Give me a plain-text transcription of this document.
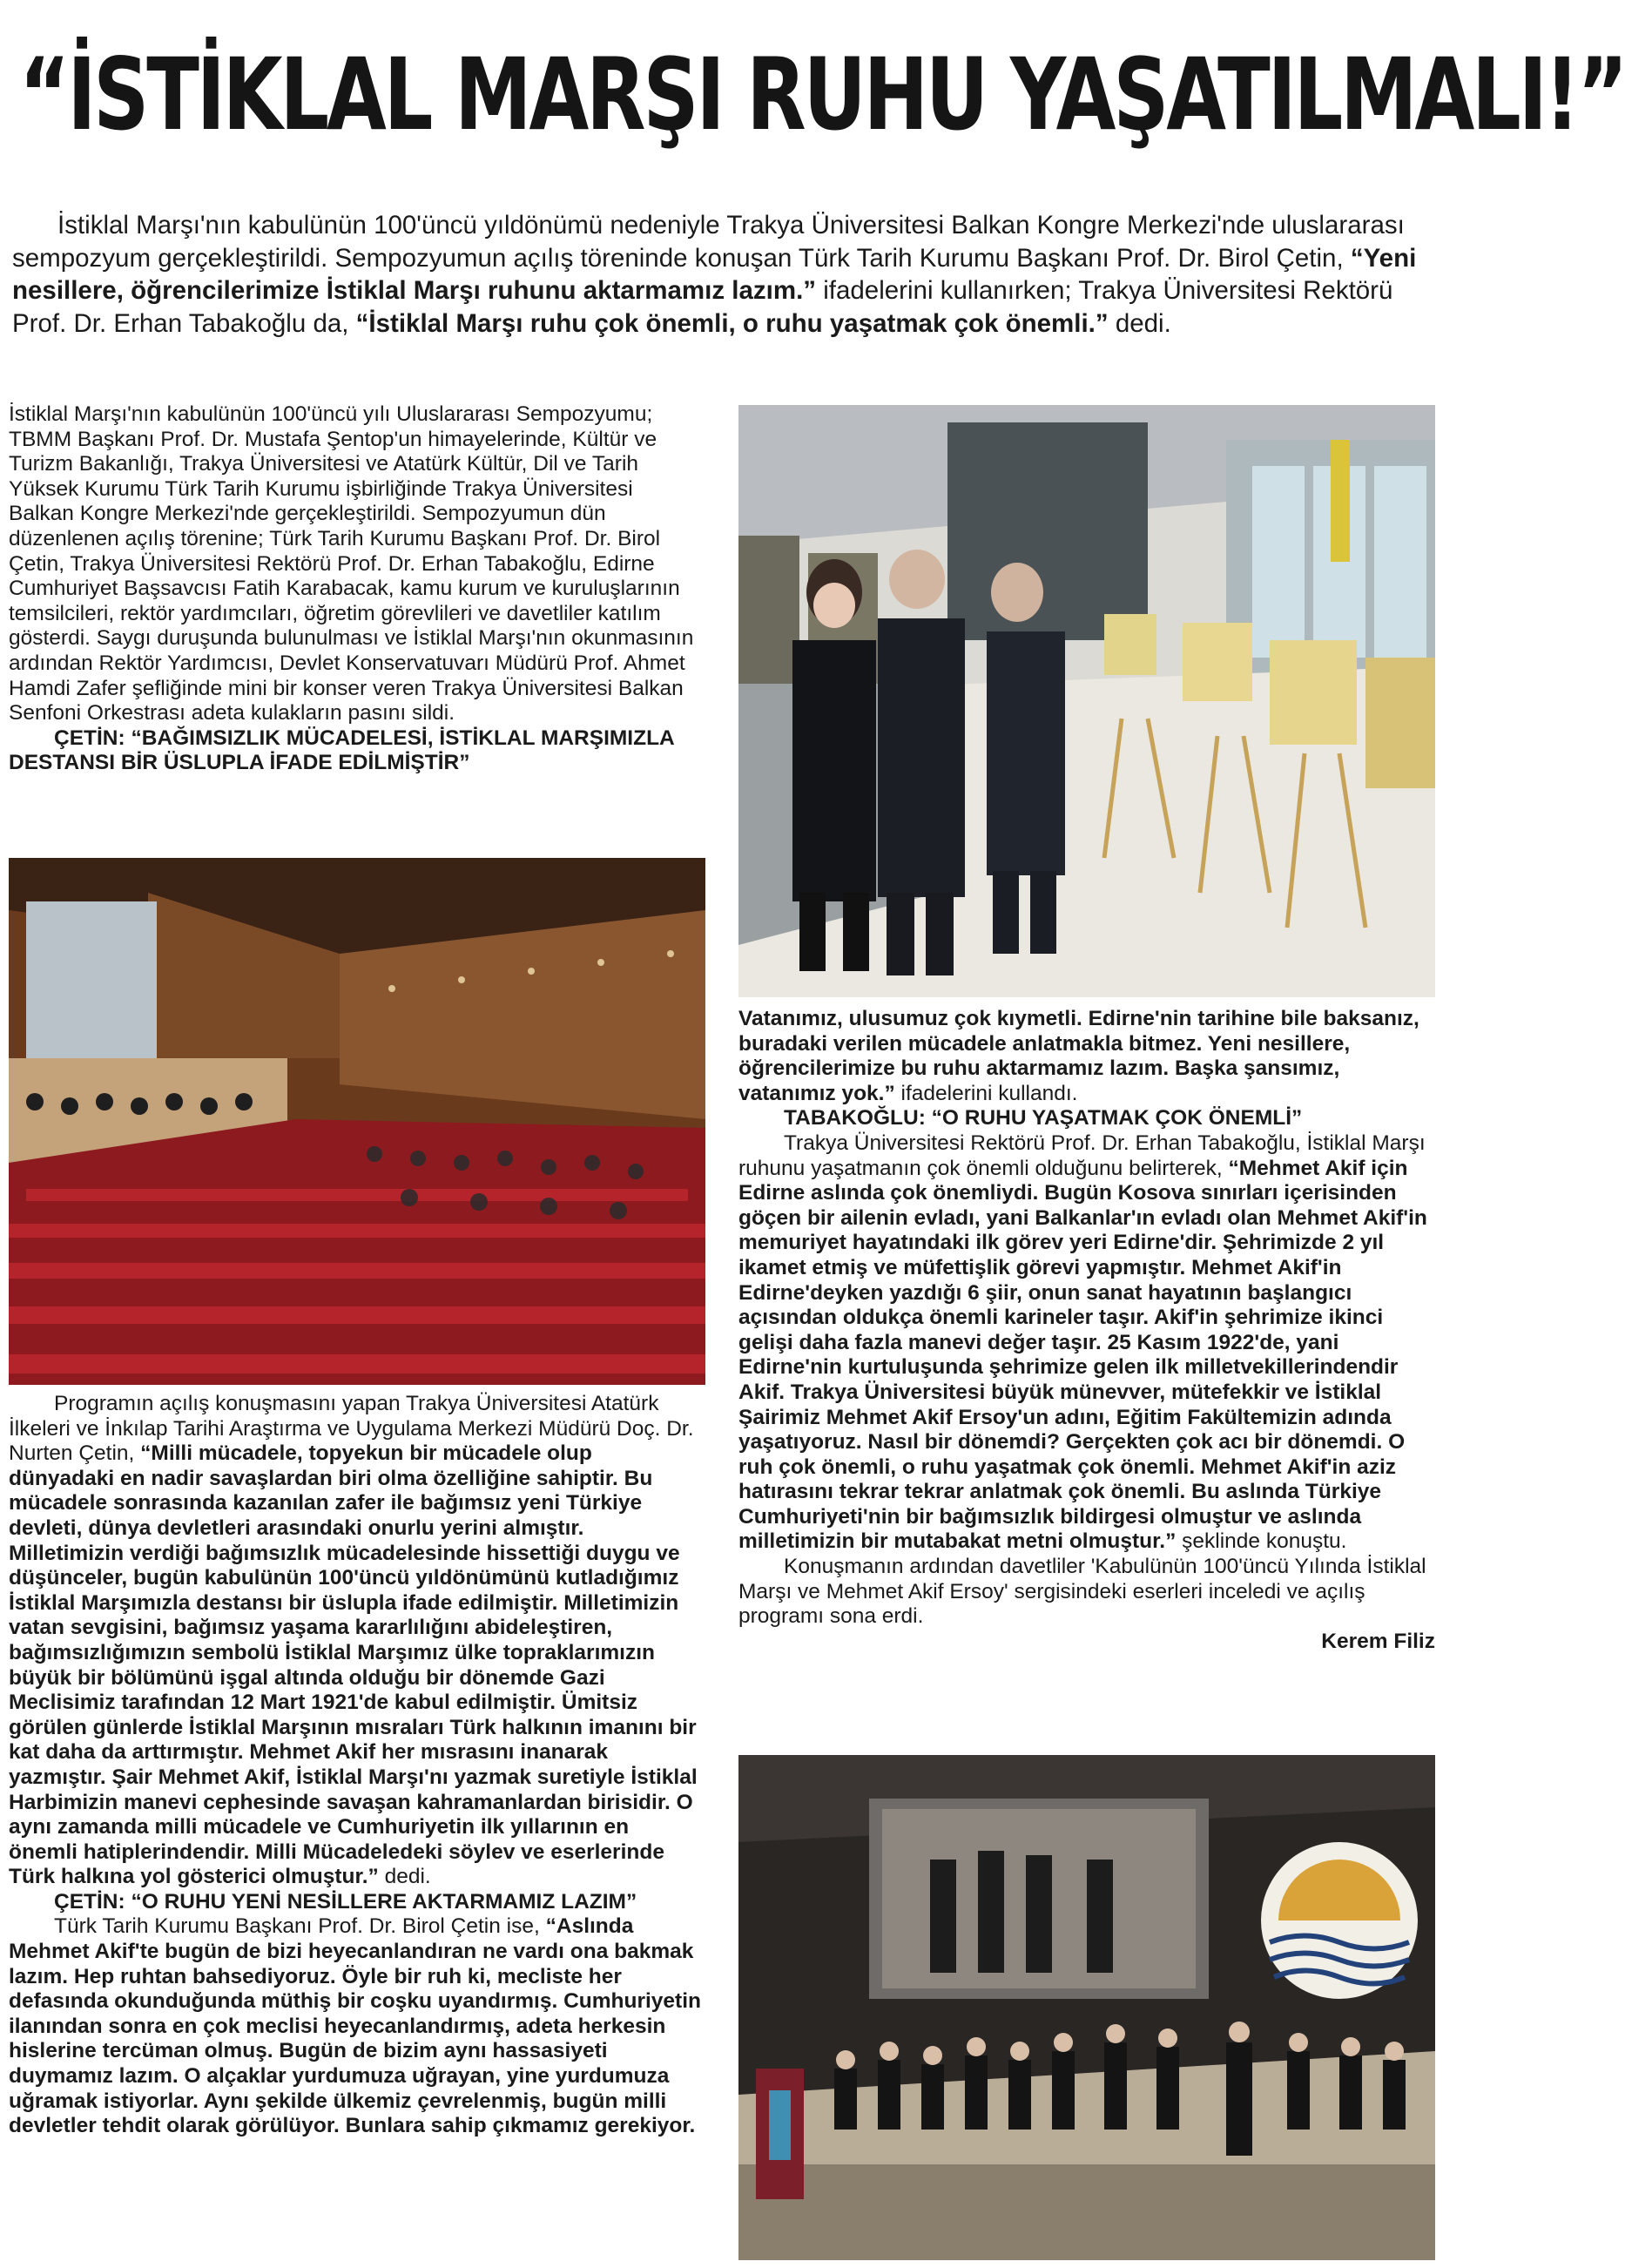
“İSTİKLAL MARŞI RUHU YAŞATILMALI!”

İstiklal Marşı'nın kabulünün 100'üncü yıldönümü nedeniyle Trakya Üniversitesi Balkan Kongre Merkezi'nde uluslararası sempozyum gerçekleştirildi. Sempozyumun açılış töreninde konuşan Türk Tarih Kurumu Başkanı Prof. Dr. Birol Çetin, “Yeni nesillere, öğrencilerimize İstiklal Marşı ruhunu aktarmamız lazım.” ifadelerini kullanırken; Trakya Üniversitesi Rektörü Prof. Dr. Erhan Tabakoğlu da, “İstiklal Marşı ruhu çok önemli, o ruhu yaşatmak çok önemli.” dedi.

İstiklal Marşı'nın kabulünün 100'üncü yılı Uluslararası Sempozyumu; TBMM Başkanı Prof. Dr. Mustafa Şentop'un himayelerinde, Kültür ve Turizm Bakanlığı, Trakya Üniversitesi ve Atatürk Kültür, Dil ve Tarih Yüksek Kurumu Türk Tarih Kurumu işbirliğinde Trakya Üniversitesi Balkan Kongre Merkezi'nde gerçekleştirildi. Sempozyumun dün düzenlenen açılış törenine; Türk Tarih Kurumu Başkanı Prof. Dr. Birol Çetin, Trakya Üniversitesi Rektörü Prof. Dr. Erhan Tabakoğlu, Edirne Cumhuriyet Başsavcısı Fatih Karabacak, kamu kurum ve kuruluşlarının temsilcileri, rektör yardımcıları, öğretim görevlileri ve davetliler katılım gösterdi. Saygı duruşunda bulunulması ve İstiklal Marşı'nın okunmasının ardından Rektör Yardımcısı, Devlet Konservatuvarı Müdürü Prof. Ahmet Hamdi Zafer şefliğinde mini bir konser veren Trakya Üniversitesi Balkan Senfoni Orkestrası adeta kulakların pasını sildi.

ÇETİN: “BAĞIMSIZLIK MÜCADELESİ, İSTİKLAL MARŞIMIZLA DESTANSI BİR ÜSLUPLA İFADE EDİLMİŞTİR”

Programın açılış konuşmasını yapan Trakya Üniversitesi Atatürk İlkeleri ve İnkılap Tarihi Araştırma ve Uygulama Merkezi Müdürü Doç. Dr. Nurten Çetin, “Milli mücadele, topyekun bir mücadele olup dünyadaki en nadir savaşlardan biri olma özelliğine sahiptir. Bu mücadele sonrasında kazanılan zafer ile bağımsız yeni Türkiye devleti, dünya devletleri arasındaki onurlu yerini almıştır. Milletimizin verdiği bağımsızlık mücadelesinde hissettiği duygu ve düşünceler, bugün kabulünün 100'üncü yıldönümünü kutladığımız İstiklal Marşımızla destansı bir üslupla ifade edilmiştir. Milletimizin vatan sevgisini, bağımsız yaşama kararlılığını abideleştiren, bağımsızlığımızın sembolü İstiklal Marşımız ülke topraklarımızın büyük bir bölümünü işgal altında olduğu bir dönemde Gazi Meclisimiz tarafından 12 Mart 1921'de kabul edilmiştir. Ümitsiz görülen günlerde İstiklal Marşının mısraları Türk halkının imanını bir kat daha da arttırmıştır. Mehmet Akif her mısrasını inanarak yazmıştır. Şair Mehmet Akif, İstiklal Marşı'nı yazmak suretiyle İstiklal Harbimizin manevi cephesinde savaşan kahramanlardan birisidir. O aynı zamanda milli mücadele ve Cumhuriyetin ilk yıllarının en önemli hatiplerindendir. Milli Mücadeledeki söylev ve eserlerinde Türk halkına yol gösterici olmuştur.” dedi.

ÇETİN: “O RUHU YENİ NESİLLERE AKTARMAMIZ LAZIM”

Türk Tarih Kurumu Başkanı Prof. Dr. Birol Çetin ise, “Aslında Mehmet Akif'te bugün de bizi heyecanlandıran ne vardı ona bakmak lazım. Hep ruhtan bahsediyoruz. Öyle bir ruh ki, mecliste her defasında okunduğunda müthiş bir coşku uyandırmış. Cumhuriyetin ilanından sonra en çok meclisi heyecanlandırmış, adeta herkesin hislerine tercüman olmuş. Bugün de bizim aynı hassasiyeti duymamız lazım. O alçaklar yurdumuza uğrayan, yine yurdumuza uğramak istiyorlar. Aynı şekilde ülkemiz çevrelenmiş, bugün milli devletler tehdit olarak görülüyor. Bunlara sahip çıkmamız gerekiyor.

Vatanımız, ulusumuz çok kıymetli. Edirne'nin tarihine bile baksanız, buradaki verilen mücadele anlatmakla bitmez. Yeni nesillere, öğrencilerimize bu ruhu aktarmamız lazım. Başka şansımız, vatanımız yok.” ifadelerini kullandı.

TABAKOĞLU: “O RUHU YAŞATMAK ÇOK ÖNEMLİ”

Trakya Üniversitesi Rektörü Prof. Dr. Erhan Tabakoğlu, İstiklal Marşı ruhunu yaşatmanın çok önemli olduğunu belirterek, “Mehmet Akif için Edirne aslında çok önemliydi. Bugün Kosova sınırları içerisinden göçen bir ailenin evladı, yani Balkanlar'ın evladı olan Mehmet Akif'in memuriyet hayatındaki ilk görev yeri Edirne'dir. Şehrimizde 2 yıl ikamet etmiş ve müfettişlik görevi yapmıştır. Mehmet Akif'in Edirne'deyken yazdığı 6 şiir, onun sanat hayatının başlangıcı açısından oldukça önemli karineler taşır. Akif'in şehrimize ikinci gelişi daha fazla manevi değer taşır. 25 Kasım 1922'de, yani Edirne'nin kurtuluşunda şehrimize gelen ilk milletvekillerindendir Akif. Trakya Üniversitesi büyük münevver, mütefekkir ve İstiklal Şairimiz Mehmet Akif Ersoy'un adını, Eğitim Fakültemizin adında yaşatıyoruz. Nasıl bir dönemdi? Gerçekten çok acı bir dönemdi. O ruh çok önemli, o ruhu yaşatmak çok önemli. Mehmet Akif'in aziz hatırasını tekrar tekrar anlatmak çok önemli. Bu aslında Türkiye Cumhuriyeti'nin bir bağımsızlık bildirgesi olmuştur ve aslında milletimizin bir mutabakat metni olmuştur.” şeklinde konuştu.

Konuşmanın ardından davetliler 'Kabulünün 100'üncü Yılında İstiklal Marşı ve Mehmet Akif Ersoy' sergisindeki eserleri inceledi ve açılış programı sona erdi.

Kerem Filiz
